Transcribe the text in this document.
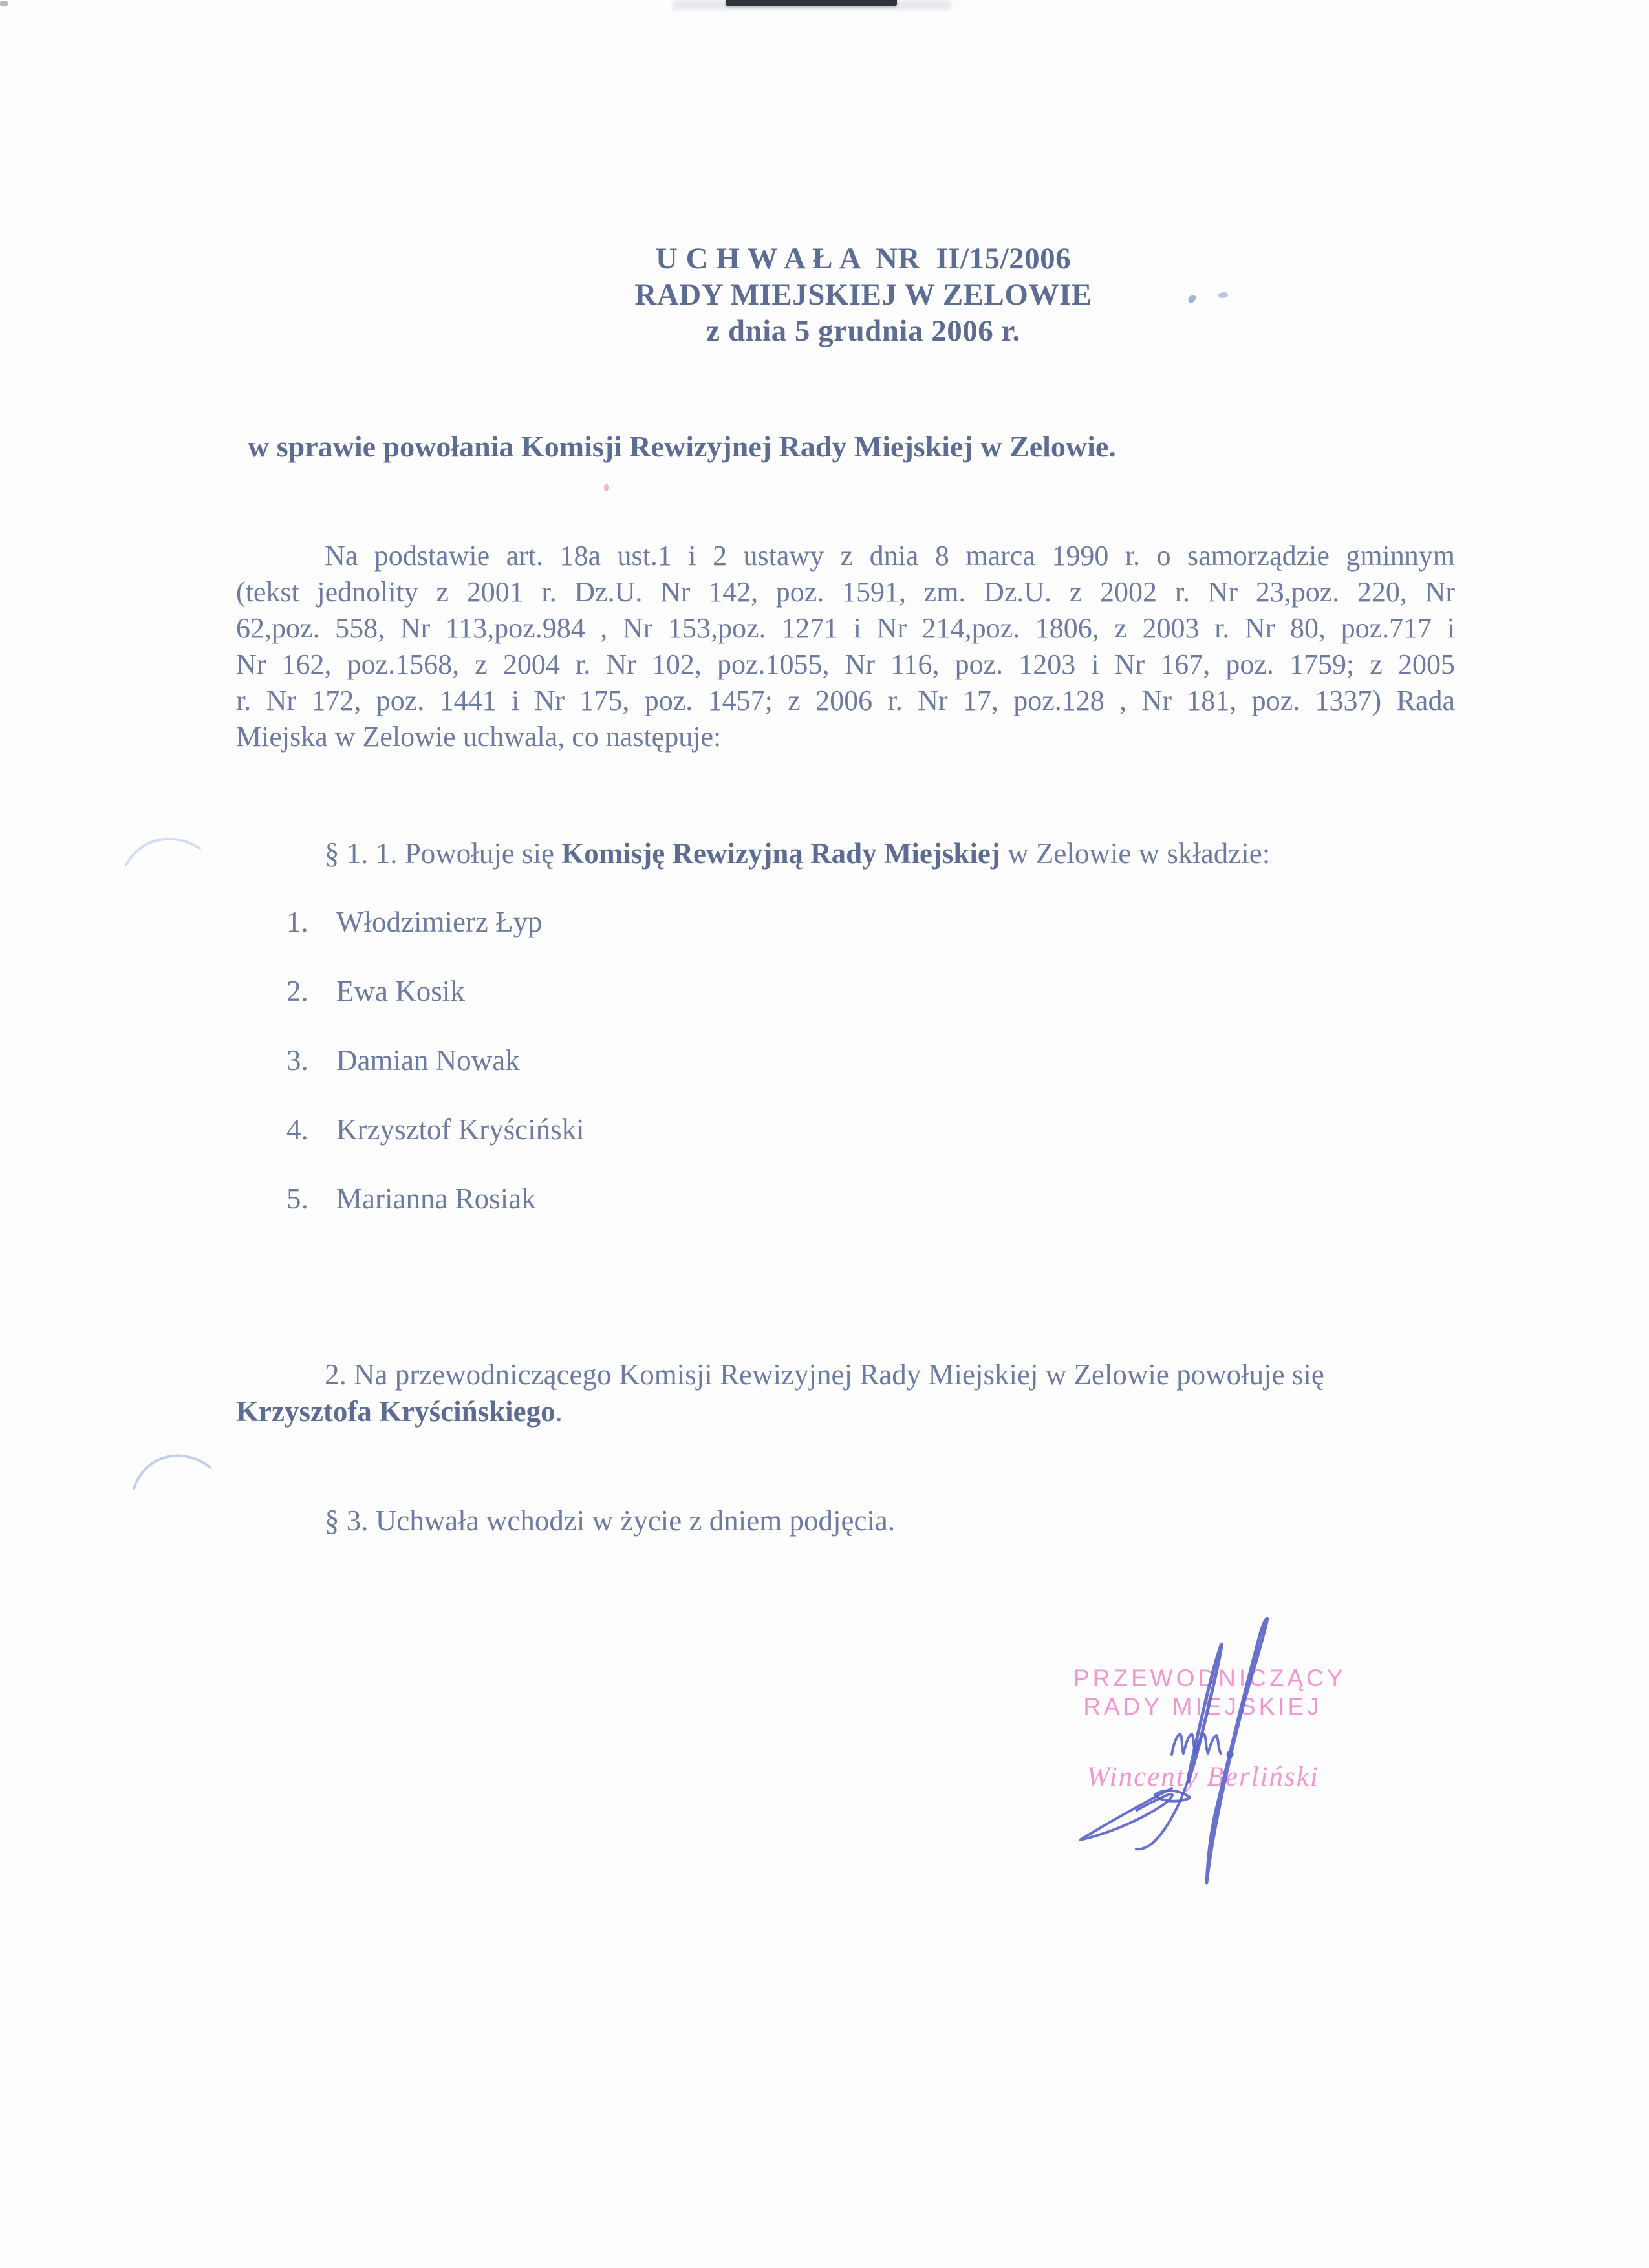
U C H W A Ł A  NR  II/15/2006
RADY MIEJSKIEJ W ZELOWIE
z dnia 5 grudnia 2006 r.
w sprawie powołania Komisji Rewizyjnej Rady Miejskiej w Zelowie.
Na podstawie art. 18a ust.1 i 2 ustawy z dnia 8 marca 1990 r. o samorządzie gminnym
(tekst jednolity z 2001 r. Dz.U. Nr 142, poz. 1591, zm. Dz.U. z 2002 r. Nr 23,poz. 220, Nr
62,poz. 558, Nr 113,poz.984 , Nr 153,poz. 1271 i Nr 214,poz. 1806, z 2003 r. Nr 80, poz.717 i
Nr 162, poz.1568, z 2004 r. Nr 102, poz.1055, Nr 116, poz. 1203 i Nr 167, poz. 1759; z 2005
r. Nr 172, poz. 1441 i Nr 175, poz. 1457; z 2006 r. Nr 17, poz.128 , Nr 181, poz. 1337) Rada
Miejska w Zelowie uchwala, co następuje:
§ 1. 1. Powołuje się Komisję Rewizyjną Rady Miejskiej w Zelowie w składzie:
1. Włodzimierz Łyp
2. Ewa Kosik
3. Damian Nowak
4. Krzysztof Kryściński
5. Marianna Rosiak
2. Na przewodniczącego Komisji Rewizyjnej Rady Miejskiej w Zelowie powołuje się
Krzysztofa Kryścińskiego.
§ 3. Uchwała wchodzi w życie z dniem podjęcia.
PRZEWODNICZĄCY
RADY MIEJSKIEJ
Wincenty Berliński
